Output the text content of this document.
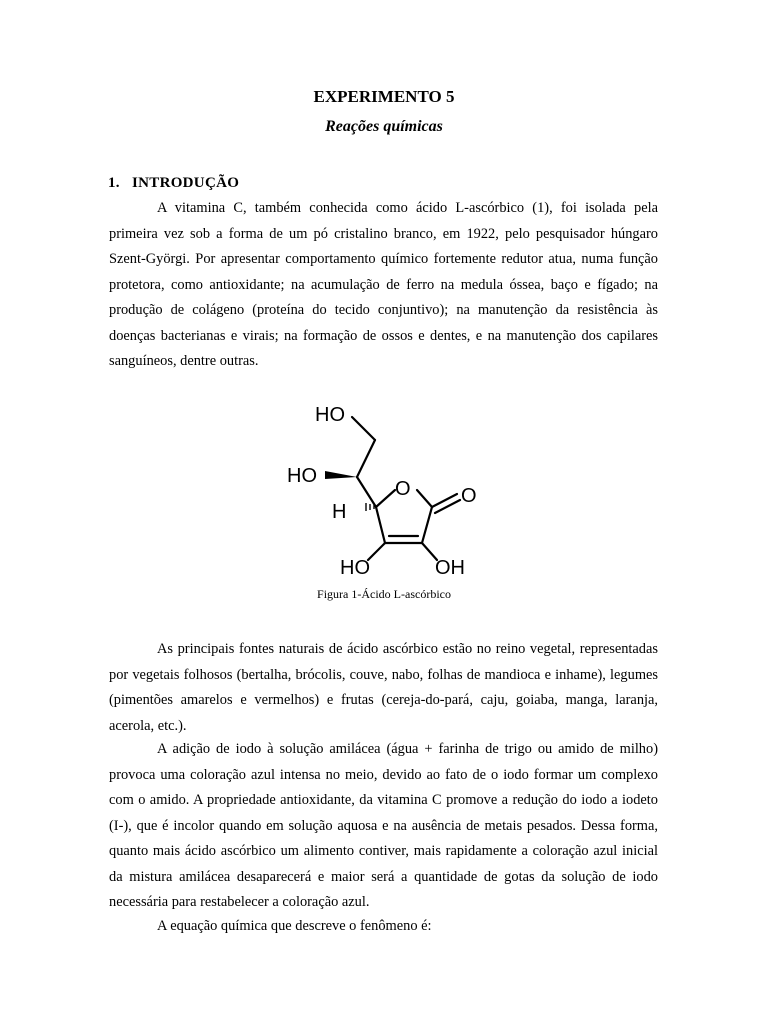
EXPERIMENTO 5
Reações químicas
1. INTRODUÇÃO

A vitamina C, também conhecida como ácido L-ascórbico (1), foi isolada pela primeira vez sob a forma de um pó cristalino branco, em 1922, pelo pesquisador húngaro Szent-Györgi. Por apresentar comportamento químico fortemente redutor atua, numa função protetora, como antioxidante; na acumulação de ferro na medula óssea, baço e fígado; na produção de colágeno (proteína do tecido conjuntivo); na manutenção da resistência às doenças bacterianas e virais; na formação de ossos e dentes, e na manutenção dos capilares sanguíneos, dentre outras.

HO
HO
H
O	O
HO	OH
Figura 1-Ácido L-ascórbico

As principais fontes naturais de ácido ascórbico estão no reino vegetal, representadas por vegetais folhosos (bertalha, brócolis, couve, nabo, folhas de mandioca e inhame), legumes (pimentões amarelos e vermelhos) e frutas (cereja-do-pará, caju, goiaba, manga, laranja, acerola, etc.).

A adição de iodo à solução amilácea (água + farinha de trigo ou amido de milho) provoca uma coloração azul intensa no meio, devido ao fato de o iodo formar um complexo com o amido. A propriedade antioxidante, da vitamina C promove a redução do iodo a iodeto (I-), que é incolor quando em solução aquosa e na ausência de metais pesados. Dessa forma, quanto mais ácido ascórbico um alimento contiver, mais rapidamente a coloração azul inicial da mistura amilácea desaparecerá e maior será a quantidade de gotas da solução de iodo necessária para restabelecer a coloração azul.

A equação química que descreve o fenômeno é:
